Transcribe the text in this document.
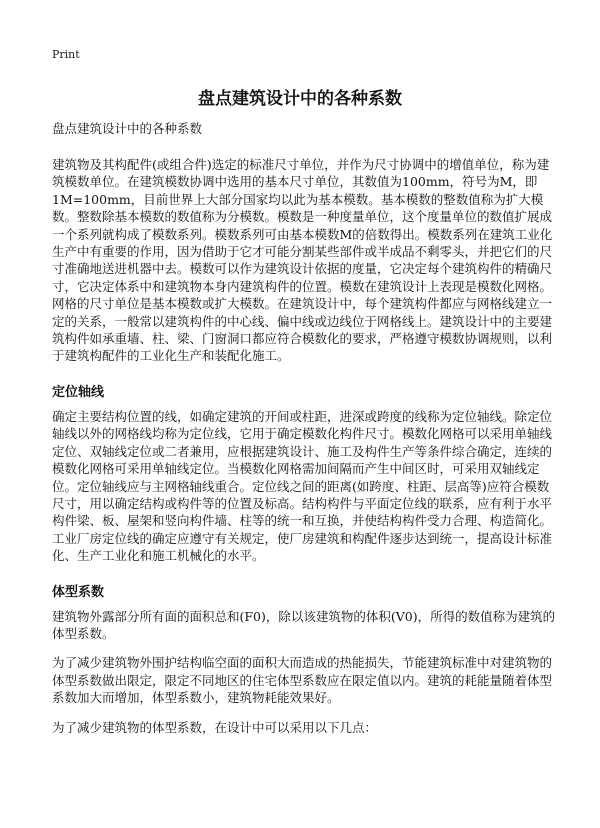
Print
盘点建筑设计中的各种系数
盘点建筑设计中的各种系数

建筑物及其构配件(或组合件)选定的标准尺寸单位，并作为尺寸协调中的增值单位，称为建筑模数单位。在建筑模数协调中选用的基本尺寸单位，其数值为100mm，符号为M，即1M=100mm，目前世界上大部分国家均以此为基本模数。基本模数的整数值称为扩大模数。整数除基本模数的数值称为分模数。模数是一种度量单位，这个度量单位的数值扩展成一个系列就构成了模数系列。模数系列可由基本模数M的倍数得出。模数系列在建筑工业化生产中有重要的作用，因为借助于它才可能分割某些部件或半成品不剩零头，并把它们的尺寸准确地送进机器中去。模数可以作为建筑设计依据的度量，它决定每个建筑构件的精确尺寸，它决定体系中和建筑物本身内建筑构件的位置。模数在建筑设计上表现是模数化网格。网格的尺寸单位是基本模数或扩大模数。在建筑设计中，每个建筑构件都应与网格线建立一定的关系，一般常以建筑构件的中心线、偏中线或边线位于网格线上。建筑设计中的主要建筑构件如承重墙、柱、梁、门窗洞口都应符合模数化的要求，严格遵守模数协调规则，以利于建筑构配件的工业化生产和装配化施工。

定位轴线

确定主要结构位置的线，如确定建筑的开间或柱距，进深或跨度的线称为定位轴线。除定位轴线以外的网格线均称为定位线，它用于确定模数化构件尺寸。模数化网格可以采用单轴线定位、双轴线定位或二者兼用，应根据建筑设计、施工及构件生产等条件综合确定，连续的模数化网格可采用单轴线定位。当模数化网格需加间隔而产生中间区时，可采用双轴线定位。定位轴线应与主网格轴线重合。定位线之间的距离(如跨度、柱距、层高等)应符合模数尺寸，用以确定结构或构件等的位置及标高。结构构件与平面定位线的联系，应有利于水平构件梁、板、屋架和竖向构件墙、柱等的统一和互换，并使结构构件受力合理、构造简化。工业厂房定位线的确定应遵守有关规定，使厂房建筑和构配件逐步达到统一，提高设计标准化、生产工业化和施工机械化的水平。

体型系数

建筑物外露部分所有面的面积总和(F0)，除以该建筑物的体积(V0)，所得的数值称为建筑的体型系数。

为了减少建筑物外围护结构临空面的面积大而造成的热能损失，节能建筑标准中对建筑物的体型系数做出限定，限定不同地区的住宅体型系数应在限定值以内。建筑的耗能量随着体型系数加大而增加，体型系数小，建筑物耗能效果好。

为了减少建筑物的体型系数，在设计中可以采用以下几点：
